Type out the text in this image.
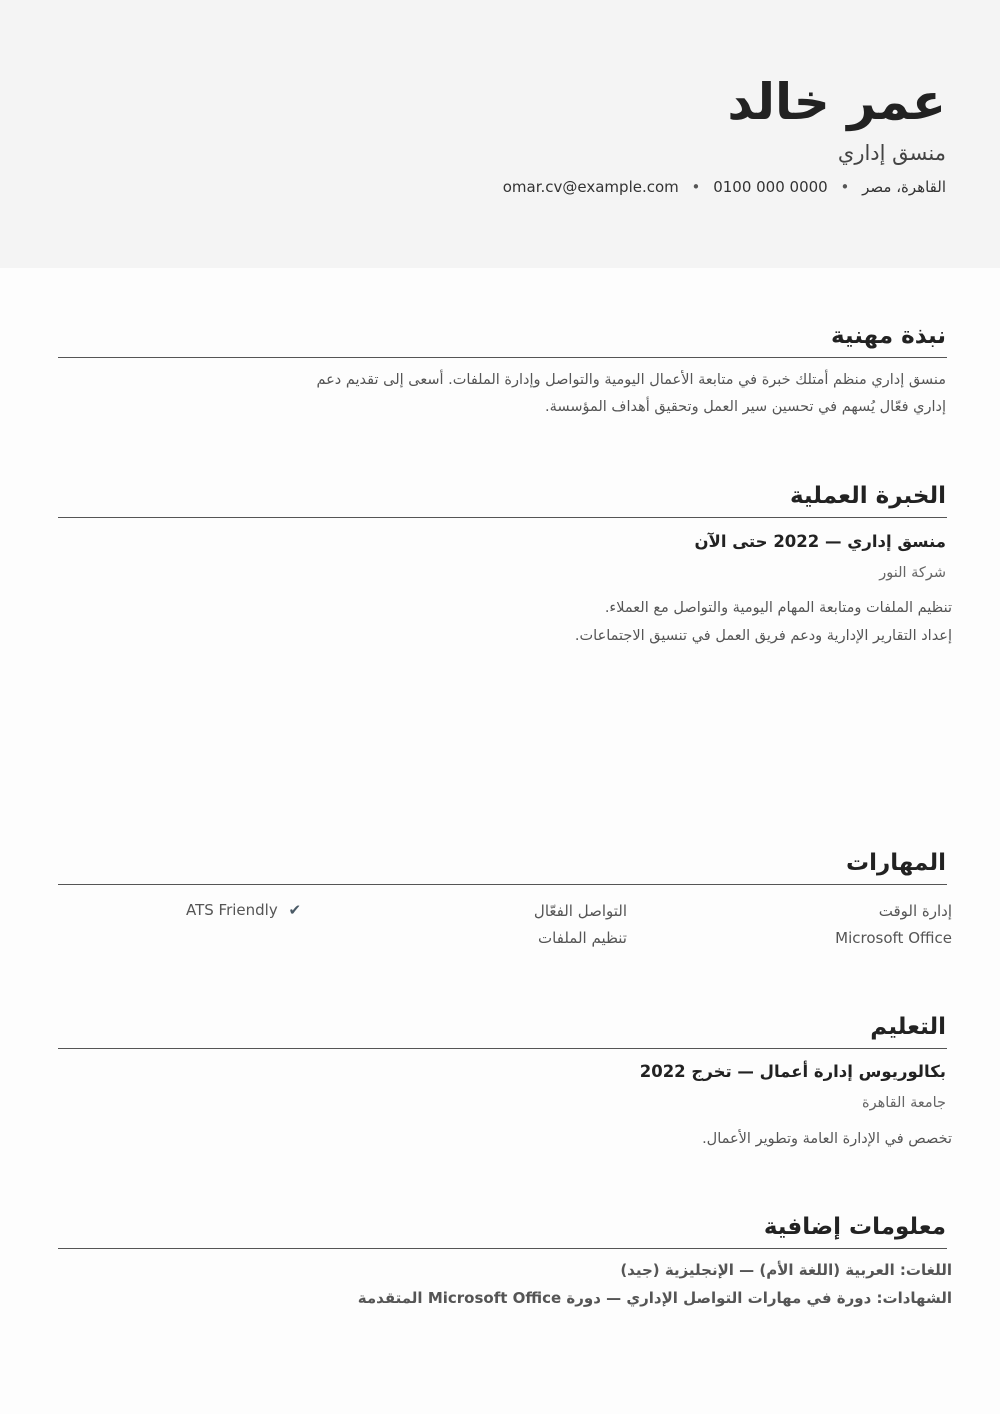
عمر خالد
منسق إداري
القاهرة، مصر • 0100 000 0000 • omar.cv@example.com
نبذة مهنية
منسق إداري منظم أمتلك خبرة في متابعة الأعمال اليومية والتواصل وإدارة الملفات. أسعى إلى تقديم دعم
إداري فعّال يُسهم في تحسين سير العمل وتحقيق أهداف المؤسسة.
الخبرة العملية
منسق إداري — 2022 حتى الآن
شركة النور
تنظيم الملفات ومتابعة المهام اليومية والتواصل مع العملاء.
إعداد التقارير الإدارية ودعم فريق العمل في تنسيق الاجتماعات.
المهارات
إدارة الوقت
التواصل الفعّال
Microsoft Office
تنظيم الملفات
ATS Friendly ✔
التعليم
بكالوريوس إدارة أعمال — تخرج 2022
جامعة القاهرة
تخصص في الإدارة العامة وتطوير الأعمال.
معلومات إضافية
اللغات: العربية (اللغة الأم) — الإنجليزية (جيد)
الشهادات: دورة في مهارات التواصل الإداري — دورة Microsoft Office المتقدمة
